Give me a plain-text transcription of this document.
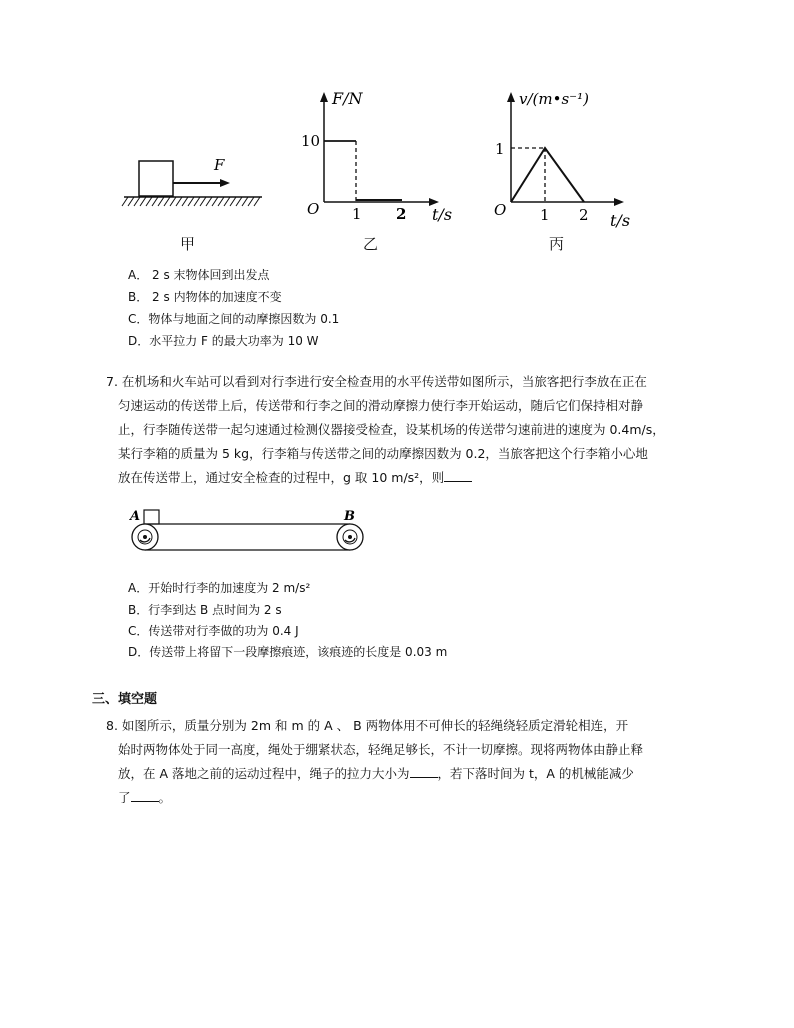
F
甲
F/N
t/s
O
10
1 2
乙
v/(m•s⁻¹)
t/s
O
1
1 2
丙
A． 2 s 末物体回到出发点
B． 2 s 内物体的加速度不变
C．物体与地面之间的动摩擦因数为 0.1
D．水平拉力 F 的最大功率为 10 W
7. 在机场和火车站可以看到对行李进行安全检查用的水平传送带如图所示，当旅客把行李放在正在
匀速运动的传送带上后，传送带和行李之间的滑动摩擦力使行李开始运动，随后它们保持相对静
止，行李随传送带一起匀速通过检测仪器接受检查，设某机场的传送带匀速前进的速度为 0.4m/s，
某行李箱的质量为 5 kg，行李箱与传送带之间的动摩擦因数为 0.2，当旅客把这个行李箱小心地
放在传送带上，通过安全检查的过程中，g 取 10 m/s²，则
A	B
A．开始时行李的加速度为 2 m/s²
B．行李到达 B 点时间为 2 s
C．传送带对行李做的功为 0.4 J
D．传送带上将留下一段摩擦痕迹，该痕迹的长度是 0.03 m
三、填空题
8. 如图所示，质量分别为 2m 和 m 的 A 、 B 两物体用不可伸长的轻绳绕轻质定滑轮相连，开
始时两物体处于同一高度，绳处于绷紧状态，轻绳足够长，不计一切摩擦。现将两物体由静止释
放，在 A 落地之前的运动过程中，绳子的拉力大小为 ，若下落时间为 t，A 的机械能减少
了 。
